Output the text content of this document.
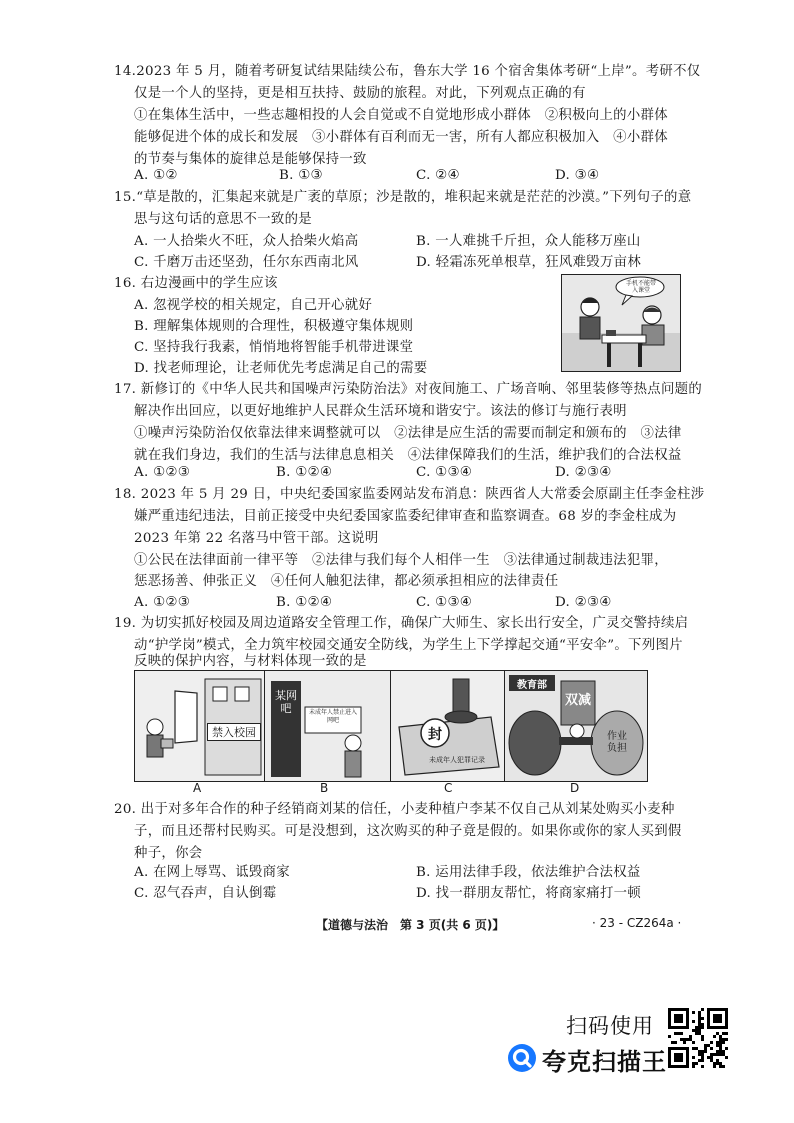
14.2023 年 5 月，随着考研复试结果陆续公布，鲁东大学 16 个宿舍集体考研“上岸”。考研不仅
仅是一个人的坚持，更是相互扶持、鼓励的旅程。对此，下列观点正确的有
①在集体生活中，一些志趣相投的人会自觉或不自觉地形成小群体　②积极向上的小群体
能够促进个体的成长和发展　③小群体有百利而无一害，所有人都应积极加入　④小群体
的节奏与集体的旋律总是能够保持一致
A. ①②	B. ①③	C. ②④	D. ③④
15.“草是散的，汇集起来就是广袤的草原；沙是散的，堆积起来就是茫茫的沙漠。”下列句子的意
思与这句话的意思不一致的是
A. 一人拾柴火不旺，众人拾柴火焰高	B. 一人难挑千斤担，众人能移万座山
C. 千磨万击还坚劲，任尔东西南北风	D. 轻霜冻死单根草，狂风难毁万亩林
16. 右边漫画中的学生应该
A. 忽视学校的相关规定，自己开心就好
B. 理解集体规则的合理性，积极遵守集体规则
C. 坚持我行我素，悄悄地将智能手机带进课堂
D. 找老师理论，让老师优先考虑满足自己的需要
手机不能带入课堂
17. 新修订的《中华人民共和国噪声污染防治法》对夜间施工、广场音响、邻里装修等热点问题的
解决作出回应，以更好地维护人民群众生活环境和谐安宁。该法的修订与施行表明
①噪声污染防治仅依靠法律来调整就可以　②法律是应生活的需要而制定和颁布的　③法律
就在我们身边，我们的生活与法律息息相关　④法律保障我们的生活，维护我们的合法权益
A. ①②③	B. ①②④	C. ①③④	D. ②③④
18. 2023 年 5 月 29 日，中央纪委国家监委网站发布消息：陕西省人大常委会原副主任李金柱涉
嫌严重违纪违法，目前正接受中央纪委国家监委纪律审查和监察调查。68 岁的李金柱成为
2023 年第 22 名落马中管干部。这说明
①公民在法律面前一律平等　②法律与我们每个人相伴一生　③法律通过制裁违法犯罪，
惩恶扬善、伸张正义　④任何人触犯法律，都必须承担相应的法律责任
A. ①②③	B. ①②④	C. ①③④	D. ②③④
19. 为切实抓好校园及周边道路安全管理工作，确保广大师生、家长出行安全，广灵交警持续启
动“护学岗”模式，全力筑牢校园交通安全防线，为学生上下学撑起交通“平安伞”。下列图片
反映的保护内容，与材料体现一致的是
禁入校园
某网吧	未成年人禁止进入网吧
封
未成年人犯罪记录
教育部
双减
作业负担
A	B	C	D
20. 出于对多年合作的种子经销商刘某的信任，小麦种植户李某不仅自己从刘某处购买小麦种
子，而且还帮村民购买。可是没想到，这次购买的种子竟是假的。如果你或你的家人买到假
种子，你会
A. 在网上辱骂、诋毁商家	B. 运用法律手段，依法维护合法权益
C. 忍气吞声，自认倒霉	D. 找一群朋友帮忙，将商家痛打一顿
【道德与法治　第 3 页(共 6 页)】	· 23 - CZ264a ·
扫码使用
夸克扫描王
